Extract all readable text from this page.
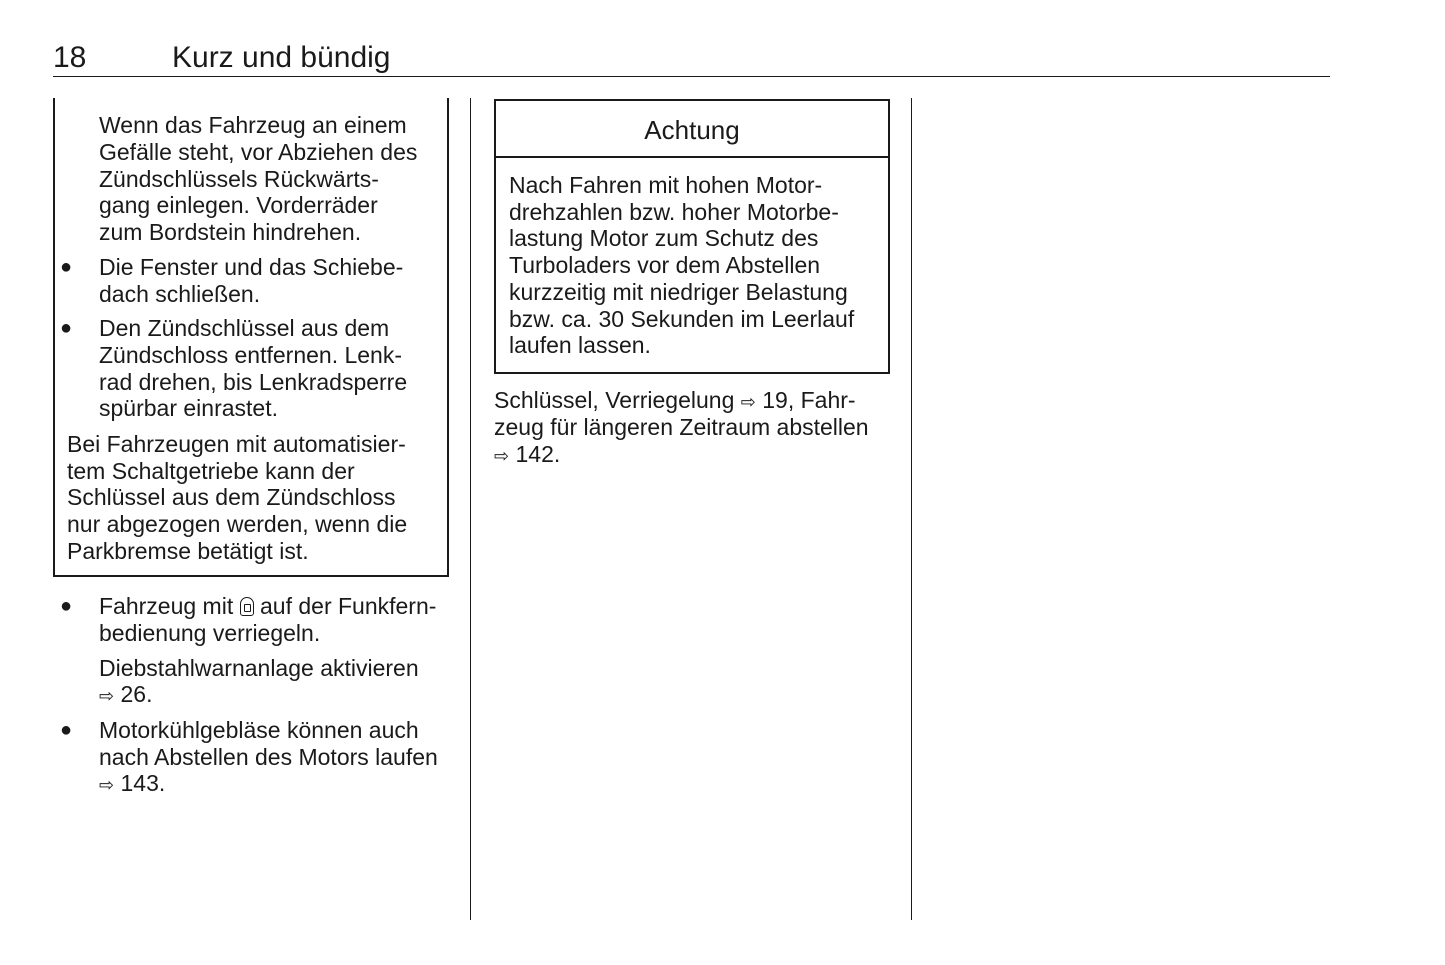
18	Kurz und bündig
Wenn das Fahrzeug an einem
Gefälle steht, vor Abziehen des
Zündschlüssels Rückwärts-
gang einlegen. Vorderräder
zum Bordstein hindrehen.
● Die Fenster und das Schiebe-
dach schließen.
● Den Zündschlüssel aus dem
Zündschloss entfernen. Lenk-
rad drehen, bis Lenkradsperre
spürbar einrastet.
Bei Fahrzeugen mit automatisier-
tem Schaltgetriebe kann der
Schlüssel aus dem Zündschloss
nur abgezogen werden, wenn die
Parkbremse betätigt ist.
● Fahrzeug mit auf der Funkfern-
bedienung verriegeln.
Diebstahlwarnanlage aktivieren
⇨ 26.
● Motorkühlgebläse können auch
nach Abstellen des Motors laufen
⇨ 143.
Achtung
Nach Fahren mit hohen Motor-
drehzahlen bzw. hoher Motorbe-
lastung Motor zum Schutz des
Turboladers vor dem Abstellen
kurzzeitig mit niedriger Belastung
bzw. ca. 30 Sekunden im Leerlauf
laufen lassen.
Schlüssel, Verriegelung ⇨ 19, Fahr-
zeug für längeren Zeitraum abstellen
⇨ 142.
